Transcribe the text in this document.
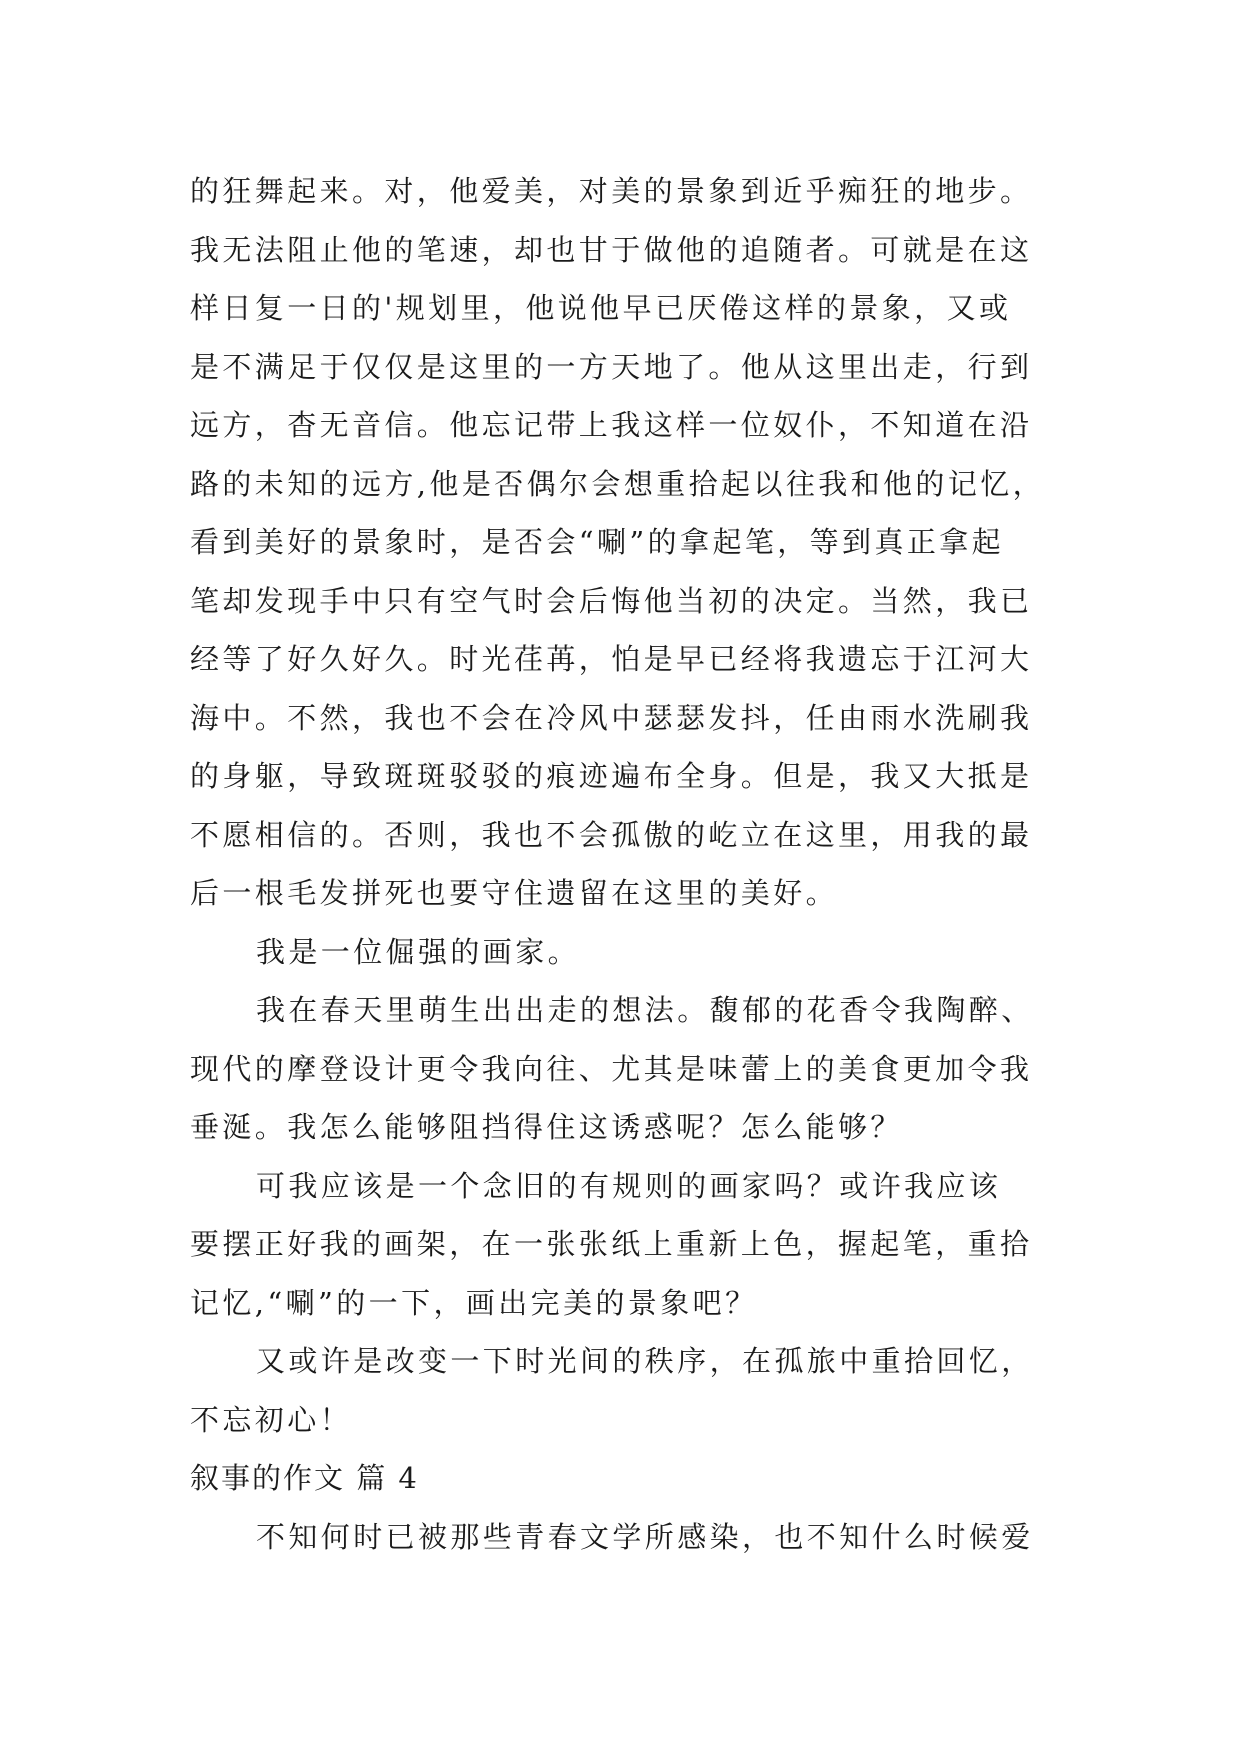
的狂舞起来。对，他爱美，对美的景象到近乎痴狂的地步。
我无法阻止他的笔速，却也甘于做他的追随者。可就是在这
样日复一日的'规划里，他说他早已厌倦这样的景象，又或
是不满足于仅仅是这里的一方天地了。他从这里出走，行到
远方，杳无音信。他忘记带上我这样一位奴仆，不知道在沿
路的未知的远方,他是否偶尔会想重拾起以往我和他的记忆，
看到美好的景象时，是否会“唰”的拿起笔，等到真正拿起
笔却发现手中只有空气时会后悔他当初的决定。当然，我已
经等了好久好久。时光荏苒，怕是早已经将我遗忘于江河大
海中。不然，我也不会在冷风中瑟瑟发抖，任由雨水洗刷我
的身躯，导致斑斑驳驳的痕迹遍布全身。但是，我又大抵是
不愿相信的。否则，我也不会孤傲的屹立在这里，用我的最
后一根毛发拼死也要守住遗留在这里的美好。
我是一位倔强的画家。
我在春天里萌生出出走的想法。馥郁的花香令我陶醉、
现代的摩登设计更令我向往、尤其是味蕾上的美食更加令我
垂涎。我怎么能够阻挡得住这诱惑呢？怎么能够？
可我应该是一个念旧的有规则的画家吗？或许我应该
要摆正好我的画架，在一张张纸上重新上色，握起笔，重拾
记忆,“唰”的一下，画出完美的景象吧？
又或许是改变一下时光间的秩序，在孤旅中重拾回忆，
不忘初心！
叙事的作文 篇 4
不知何时已被那些青春文学所感染，也不知什么时候爱
